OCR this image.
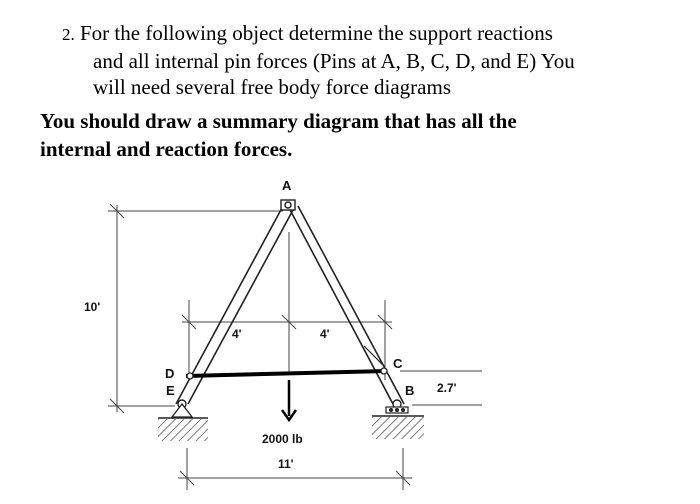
2. For the following object determine the support reactions
and all internal pin forces (Pins at A, B, C, D, and E) You
will need several free body force diagrams
You should draw a summary diagram that has all the
internal and reaction forces.
10'
4'	4'
A
D
C
E	2.7'
2000 lb
B
11'
